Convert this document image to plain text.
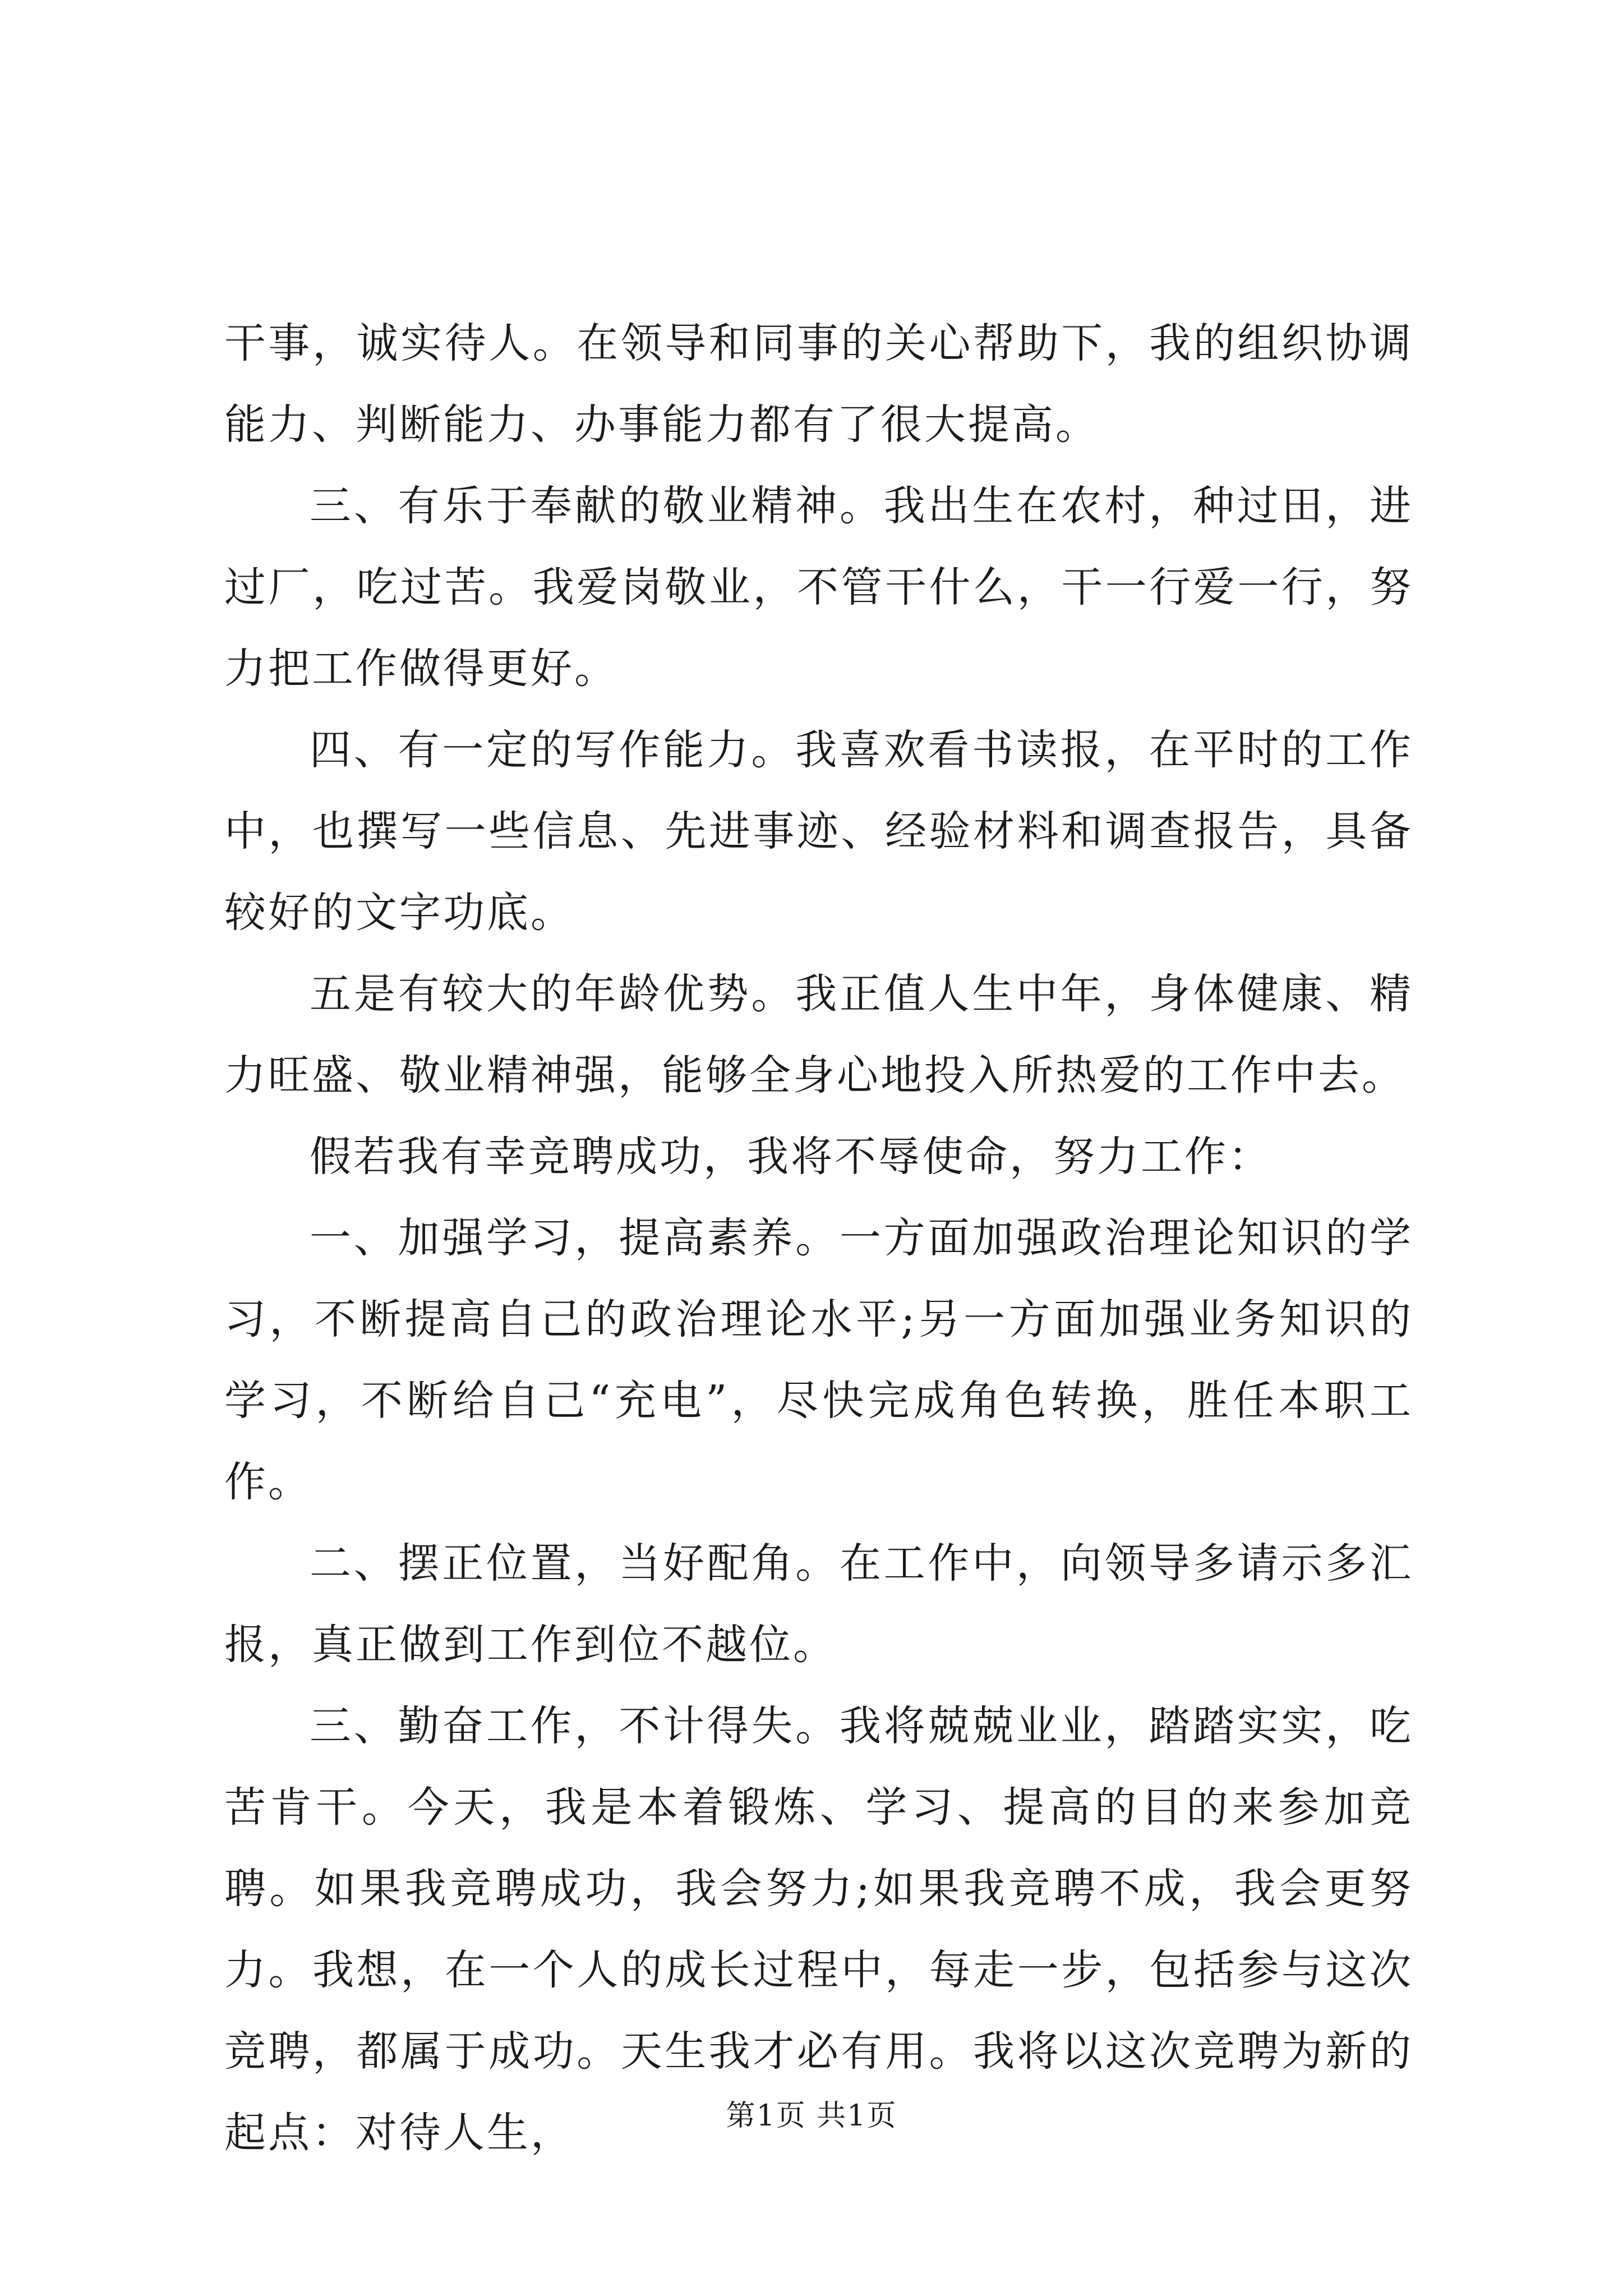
干事，诚实待人。在领导和同事的关心帮助下，我的组织协调能力、判断能力、办事能力都有了很大提高。

三、有乐于奉献的敬业精神。我出生在农村，种过田，进过厂，吃过苦。我爱岗敬业，不管干什么，干一行爱一行，努力把工作做得更好。

四、有一定的写作能力。我喜欢看书读报，在平时的工作中，也撰写一些信息、先进事迹、经验材料和调查报告，具备较好的文字功底。

五是有较大的年龄优势。我正值人生中年，身体健康、精力旺盛、敬业精神强，能够全身心地投入所热爱的工作中去。

假若我有幸竞聘成功，我将不辱使命，努力工作：

一、加强学习，提高素养。一方面加强政治理论知识的学习，不断提高自己的政治理论水平;另一方面加强业务知识的学习，不断给自己“充电”，尽快完成角色转换，胜任本职工作。

二、摆正位置，当好配角。在工作中，向领导多请示多汇报，真正做到工作到位不越位。

三、勤奋工作，不计得失。我将兢兢业业，踏踏实实，吃苦肯干。今天，我是本着锻炼、学习、提高的目的来参加竞聘。如果我竞聘成功，我会努力;如果我竞聘不成，我会更努力。我想，在一个人的成长过程中，每走一步，包括参与这次竞聘，都属于成功。天生我才必有用。我将以这次竞聘为新的起点：对待人生，	第1页 共1页
